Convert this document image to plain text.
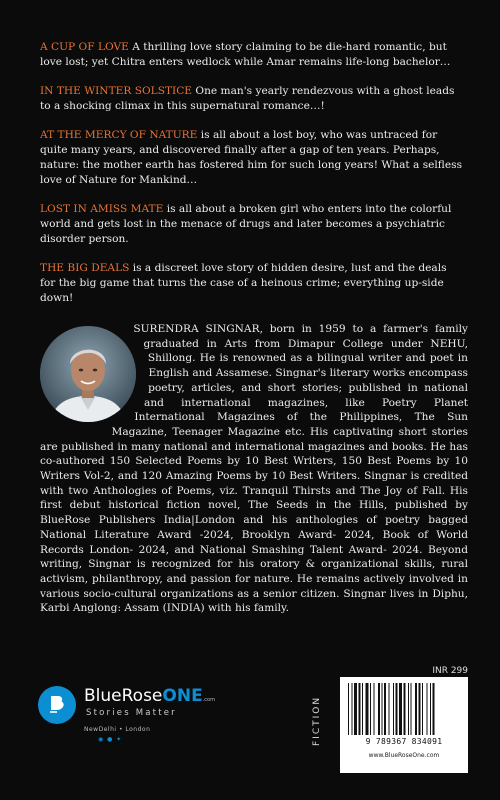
A CUP OF LOVE A thrilling love story claiming to be die-hard romantic, but love lost; yet Chitra enters wedlock while Amar remains life-long bachelor…

IN THE WINTER SOLSTICE One man's yearly rendezvous with a ghost leads to a shocking climax in this supernatural romance…!

AT THE MERCY OF NATURE is all about a lost boy, who was untraced for quite many years, and discovered finally after a gap of ten years. Perhaps, nature: the mother earth has fostered him for such long years! What a selfless love of Nature for Mankind…

LOST IN AMISS MATE is all about a broken girl who enters into the colorful world and gets lost in the menace of drugs and later becomes a psychiatric disorder person.

THE BIG DEALS is a discreet love story of hidden desire, lust and the deals for the big game that turns the case of a heinous crime; everything up-side down!

SURENDRA SINGNAR, born in 1959 to a farmer's family graduated in Arts from Dimapur College under NEHU, Shillong. He is renowned as a bilingual writer and poet in English and Assamese. Singnar's literary works encompass poetry, articles, and short stories; published in national and international magazines, like Poetry Planet International Magazines of the Philippines, The Sun Magazine, Teenager Magazine etc. His captivating short stories are published in many national and international magazines and books. He has co-authored 150 Selected Poems by 10 Best Writers, 150 Best Poems by 10 Writers Vol-2, and 120 Amazing Poems by 10 Best Writers. Singnar is credited with two Anthologies of Poems, viz. Tranquil Thirsts and The Joy of Fall. His first debut historical fiction novel, The Seeds in the Hills, published by BlueRose Publishers India|London and his anthologies of poetry bagged National Literature Award -2024, Brooklyn Award- 2024, Book of World Records London- 2024, and National Smashing Talent Award- 2024. Beyond writing, Singnar is recognized for his oratory & organizational skills, rural activism, philanthropy, and passion for nature. He remains actively involved in various socio-cultural organizations as a senior citizen. Singnar lives in Diphu, Karbi Anglong: Assam (INDIA) with his family.

BlueRoseONE.com
Stories Matter
NewDelhi • London
◉ ● ✦	FICTION
INR 299
9 789367 834091
www.BlueRoseOne.com
